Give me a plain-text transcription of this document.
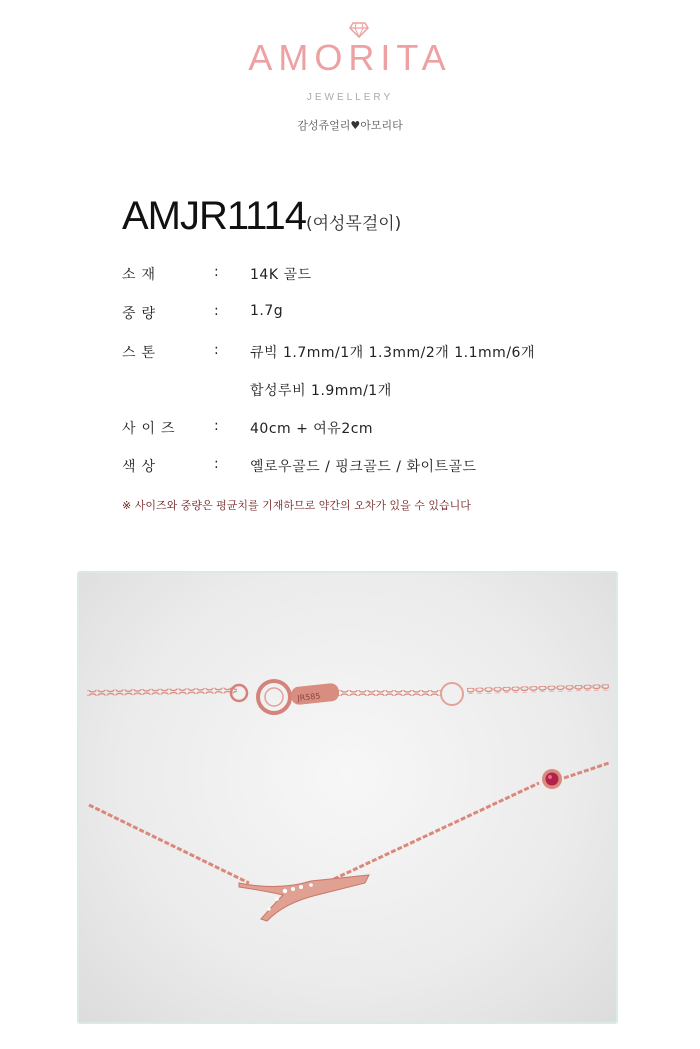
AMORITA
JEWELLERY
감성쥬얼리♥아모리타
AMJR1114(여성목걸이)
소재	: 14K 골드
중량	: 1.7g
스톤	: 큐빅 1.7mm/1개 1.3mm/2개 1.1mm/6개
합성루비 1.9mm/1개
사이즈	: 40cm + 여유2cm
색상	: 옐로우골드 / 핑크골드 / 화이트골드
※ 사이즈와 중량은 평균치를 기재하므로 약간의 오차가 있을 수 있습니다
JR585
